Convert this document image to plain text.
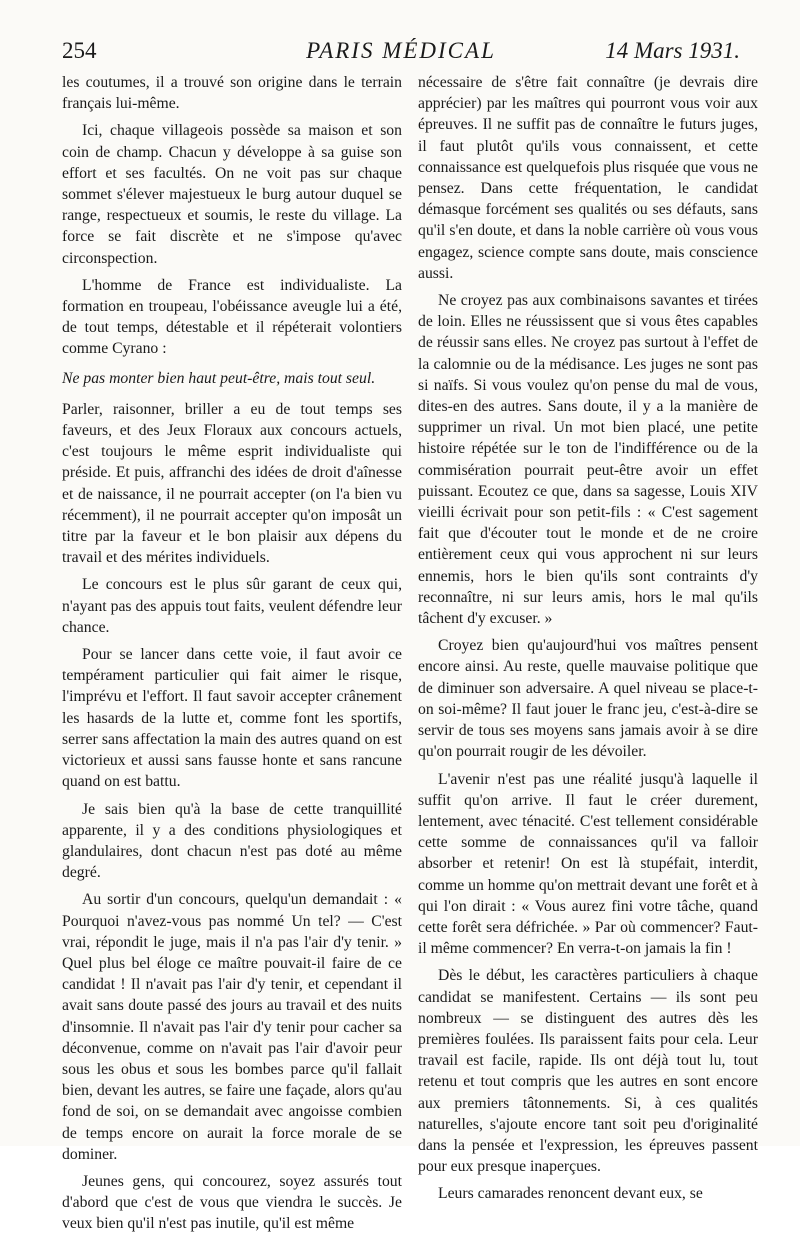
254	PARIS MÉDICAL	14 Mars 1931.

les coutumes, il a trouvé son origine dans le terrain français lui-même.

Ici, chaque villageois possède sa maison et son coin de champ. Chacun y développe à sa guise son effort et ses facultés. On ne voit pas sur chaque sommet s'élever majestueux le burg autour duquel se range, respectueux et soumis, le reste du village. La force se fait discrète et ne s'impose qu'avec circonspection.

L'homme de France est individualiste. La formation en troupeau, l'obéissance aveugle lui a été, de tout temps, détestable et il répéterait volontiers comme Cyrano :

Ne pas monter bien haut peut-être, mais tout seul.

Parler, raisonner, briller a eu de tout temps ses faveurs, et des Jeux Floraux aux concours actuels, c'est toujours le même esprit individualiste qui préside. Et puis, affranchi des idées de droit d'aînesse et de naissance, il ne pourrait accepter (on l'a bien vu récemment), il ne pourrait accepter qu'on imposât un titre par la faveur et le bon plaisir aux dépens du travail et des mérites individuels.

Le concours est le plus sûr garant de ceux qui, n'ayant pas des appuis tout faits, veulent défendre leur chance.

Pour se lancer dans cette voie, il faut avoir ce tempérament particulier qui fait aimer le risque, l'imprévu et l'effort. Il faut savoir accepter crânement les hasards de la lutte et, comme font les sportifs, serrer sans affectation la main des autres quand on est victorieux et aussi sans fausse honte et sans rancune quand on est battu.

Je sais bien qu'à la base de cette tranquillité apparente, il y a des conditions physiologiques et glandulaires, dont chacun n'est pas doté au même degré.

Au sortir d'un concours, quelqu'un demandait : « Pourquoi n'avez-vous pas nommé Un tel? — C'est vrai, répondit le juge, mais il n'a pas l'air d'y tenir. » Quel plus bel éloge ce maître pouvait-il faire de ce candidat ! Il n'avait pas l'air d'y tenir, et cependant il avait sans doute passé des jours au travail et des nuits d'insomnie. Il n'avait pas l'air d'y tenir pour cacher sa déconvenue, comme on n'avait pas l'air d'avoir peur sous les obus et sous les bombes parce qu'il fallait bien, devant les autres, se faire une façade, alors qu'au fond de soi, on se demandait avec angoisse combien de temps encore on aurait la force morale de se dominer.

Jeunes gens, qui concourez, soyez assurés tout d'abord que c'est de vous que viendra le succès. Je veux bien qu'il n'est pas inutile, qu'il est même

nécessaire de s'être fait connaître (je devrais dire apprécier) par les maîtres qui pourront vous voir aux épreuves. Il ne suffit pas de connaître le futurs juges, il faut plutôt qu'ils vous connaissent, et cette connaissance est quelquefois plus risquée que vous ne pensez. Dans cette fréquentation, le candidat démasque forcément ses qualités ou ses défauts, sans qu'il s'en doute, et dans la noble carrière où vous vous engagez, science compte sans doute, mais conscience aussi.

Ne croyez pas aux combinaisons savantes et tirées de loin. Elles ne réussissent que si vous êtes capables de réussir sans elles. Ne croyez pas surtout à l'effet de la calomnie ou de la médisance. Les juges ne sont pas si naïfs. Si vous voulez qu'on pense du mal de vous, dites-en des autres. Sans doute, il y a la manière de supprimer un rival. Un mot bien placé, une petite histoire répétée sur le ton de l'indifférence ou de la commisération pourrait peut-être avoir un effet puissant. Ecoutez ce que, dans sa sagesse, Louis XIV vieilli écrivait pour son petit-fils : « C'est sagement fait que d'écouter tout le monde et de ne croire entièrement ceux qui vous approchent ni sur leurs ennemis, hors le bien qu'ils sont contraints d'y reconnaître, ni sur leurs amis, hors le mal qu'ils tâchent d'y excuser. »

Croyez bien qu'aujourd'hui vos maîtres pensent encore ainsi. Au reste, quelle mauvaise politique que de diminuer son adversaire. A quel niveau se place-t-on soi-même? Il faut jouer le franc jeu, c'est-à-dire se servir de tous ses moyens sans jamais avoir à se dire qu'on pourrait rougir de les dévoiler.

L'avenir n'est pas une réalité jusqu'à laquelle il suffit qu'on arrive. Il faut le créer durement, lentement, avec ténacité. C'est tellement considérable cette somme de connaissances qu'il va falloir absorber et retenir! On est là stupéfait, interdit, comme un homme qu'on mettrait devant une forêt et à qui l'on dirait : « Vous aurez fini votre tâche, quand cette forêt sera défrichée. » Par où commencer? Faut-il même commencer? En verra-t-on jamais la fin !

Dès le début, les caractères particuliers à chaque candidat se manifestent. Certains — ils sont peu nombreux — se distinguent des autres dès les premières foulées. Ils paraissent faits pour cela. Leur travail est facile, rapide. Ils ont déjà tout lu, tout retenu et tout compris que les autres en sont encore aux premiers tâtonnements. Si, à ces qualités naturelles, s'ajoute encore tant soit peu d'originalité dans la pensée et l'expression, les épreuves passent pour eux presque inaperçues.

Leurs camarades renoncent devant eux, se
